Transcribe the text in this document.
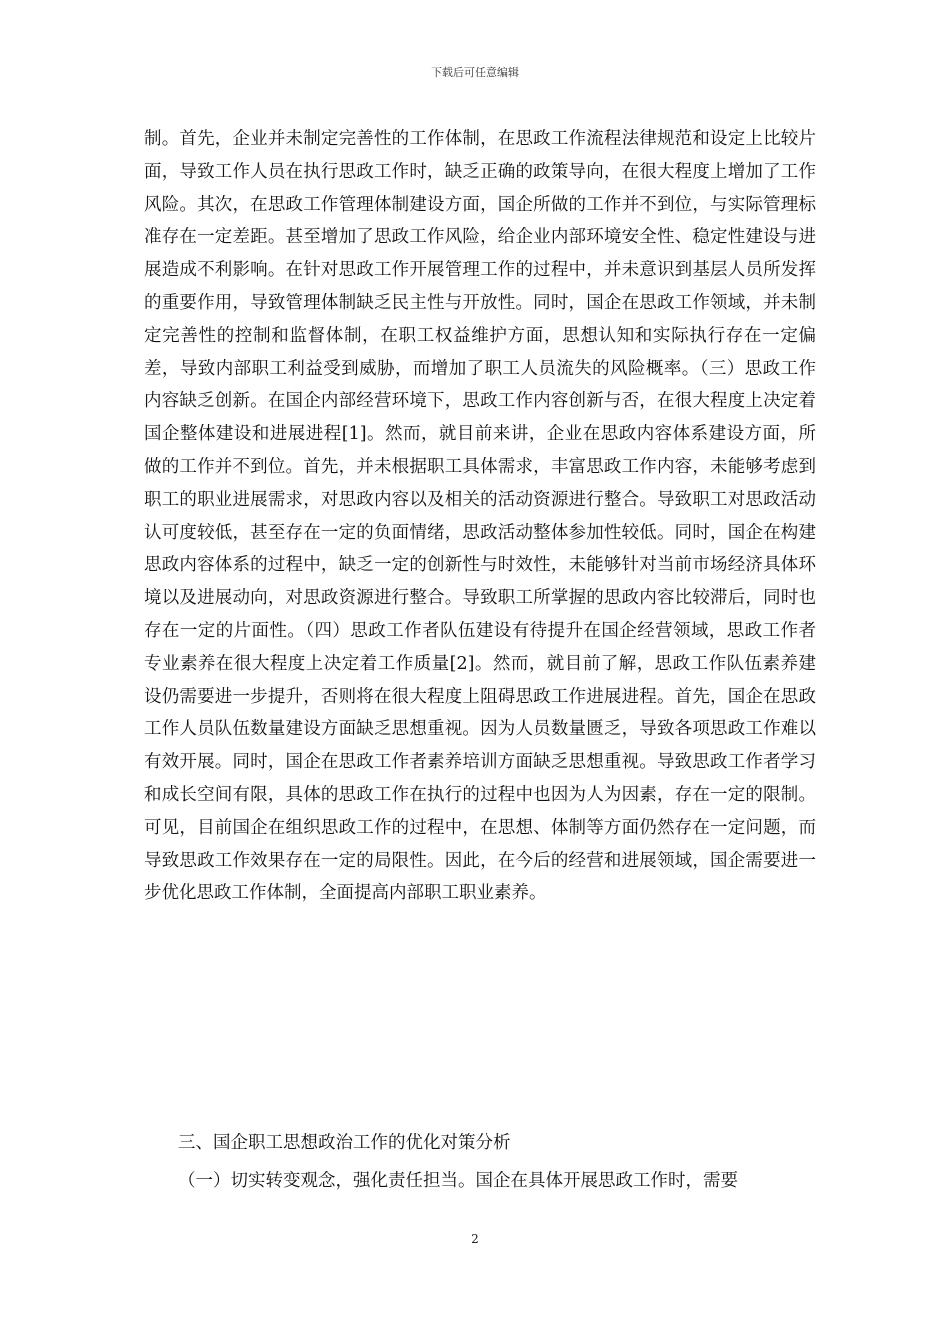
下载后可任意编辑

制。首先，企业并未制定完善性的工作体制，在思政工作流程法律规范和设定上比较片面，导致工作人员在执行思政工作时，缺乏正确的政策导向，在很大程度上增加了工作风险。其次，在思政工作管理体制建设方面，国企所做的工作并不到位，与实际管理标准存在一定差距。甚至增加了思政工作风险，给企业内部环境安全性、稳定性建设与进展造成不利影响。在针对思政工作开展管理工作的过程中，并未意识到基层人员所发挥的重要作用，导致管理体制缺乏民主性与开放性。同时，国企在思政工作领域，并未制定完善性的控制和监督体制，在职工权益维护方面，思想认知和实际执行存在一定偏差，导致内部职工利益受到威胁，而增加了职工人员流失的风险概率。（三）思政工作内容缺乏创新。在国企内部经营环境下，思政工作内容创新与否，在很大程度上决定着国企整体建设和进展进程[1]。然而，就目前来讲，企业在思政内容体系建设方面，所做的工作并不到位。首先，并未根据职工具体需求，丰富思政工作内容，未能够考虑到职工的职业进展需求，对思政内容以及相关的活动资源进行整合。导致职工对思政活动认可度较低，甚至存在一定的负面情绪，思政活动整体参加性较低。同时，国企在构建思政内容体系的过程中，缺乏一定的创新性与时效性，未能够针对当前市场经济具体环境以及进展动向，对思政资源进行整合。导致职工所掌握的思政内容比较滞后，同时也存在一定的片面性。（四）思政工作者队伍建设有待提升在国企经营领域，思政工作者专业素养在很大程度上决定着工作质量[2]。然而，就目前了解，思政工作队伍素养建设仍需要进一步提升，否则将在很大程度上阻碍思政工作进展进程。首先，国企在思政工作人员队伍数量建设方面缺乏思想重视。因为人员数量匮乏，导致各项思政工作难以有效开展。同时，国企在思政工作者素养培训方面缺乏思想重视。导致思政工作者学习和成长空间有限，具体的思政工作在执行的过程中也因为人为因素，存在一定的限制。可见，目前国企在组织思政工作的过程中，在思想、体制等方面仍然存在一定问题，而导致思政工作效果存在一定的局限性。因此，在今后的经营和进展领域，国企需要进一步优化思政工作体制，全面提高内部职工职业素养。

三、国企职工思想政治工作的优化对策分析

（一）切实转变观念，强化责任担当。国企在具体开展思政工作时，需要

2
